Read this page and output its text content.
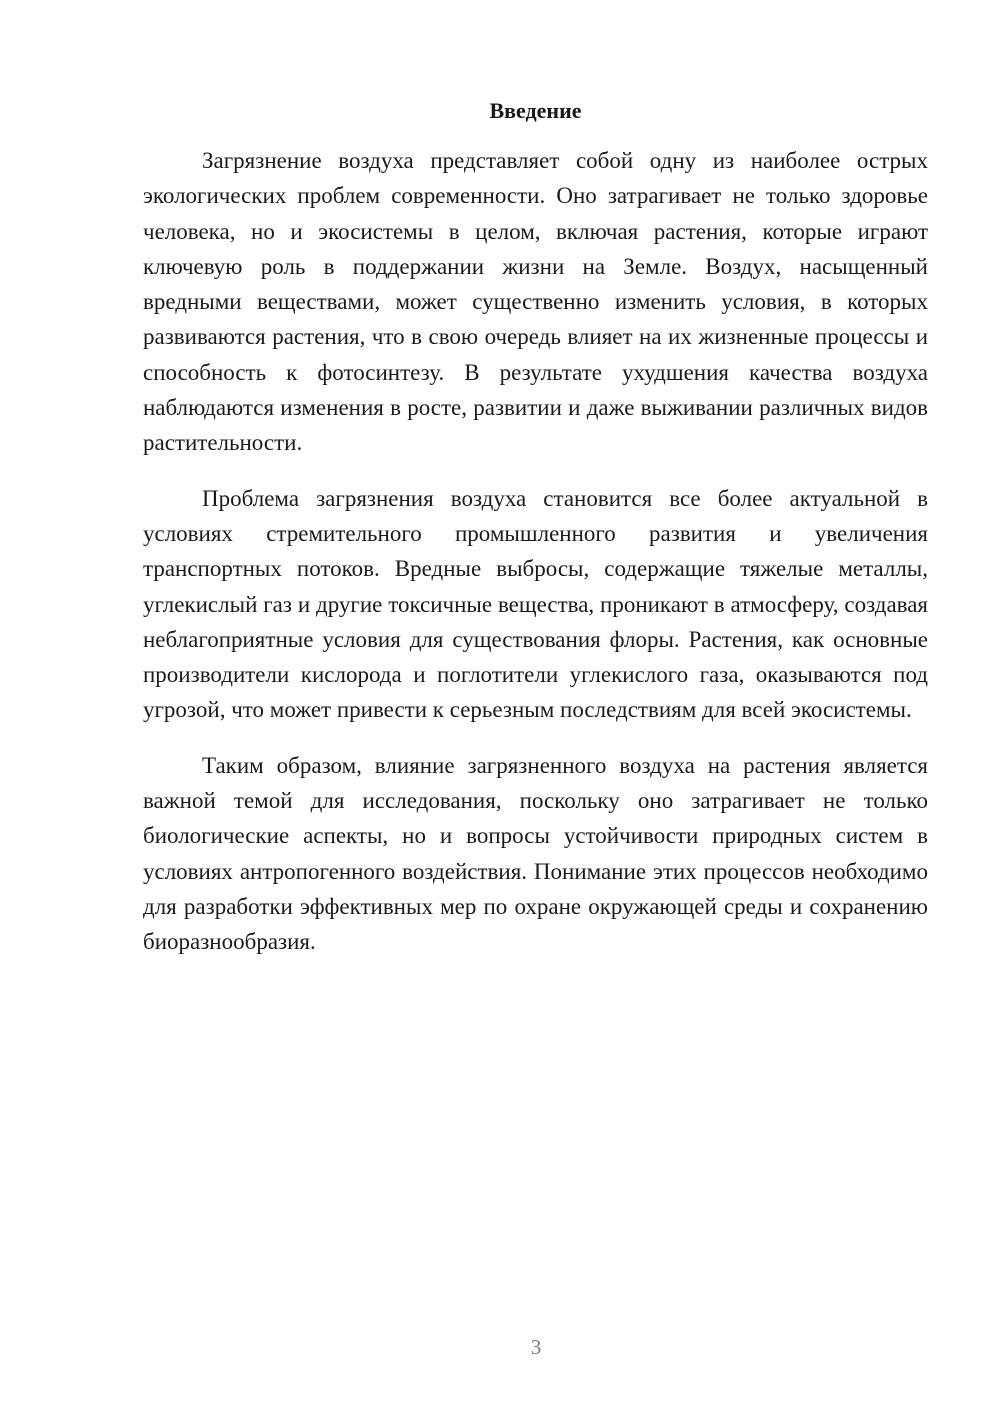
Введение

Загрязнение воздуха представляет собой одну из наиболее острых экологических проблем современности. Оно затрагивает не только здоровье человека, но и экосистемы в целом, включая растения, которые играют ключевую роль в поддержании жизни на Земле. Воздух, насыщенный вредными веществами, может существенно изменить условия, в которых развиваются растения, что в свою очередь влияет на их жизненные процессы и способность к фотосинтезу. В результате ухудшения качества воздуха наблюдаются изменения в росте, развитии и даже выживании различных видов растительности.

Проблема загрязнения воздуха становится все более актуальной в условиях стремительного промышленного развития и увеличения транспортных потоков. Вредные выбросы, содержащие тяжелые металлы, углекислый газ и другие токсичные вещества, проникают в атмосферу, создавая неблагоприятные условия для существования флоры. Растения, как основные производители кислорода и поглотители углекислого газа, оказываются под угрозой, что может привести к серьезным последствиям для всей экосистемы.

Таким образом, влияние загрязненного воздуха на растения является важной темой для исследования, поскольку оно затрагивает не только биологические аспекты, но и вопросы устойчивости природных систем в условиях антропогенного воздействия. Понимание этих процессов необходимо для разработки эффективных мер по охране окружающей среды и сохранению биоразнообразия.

3
